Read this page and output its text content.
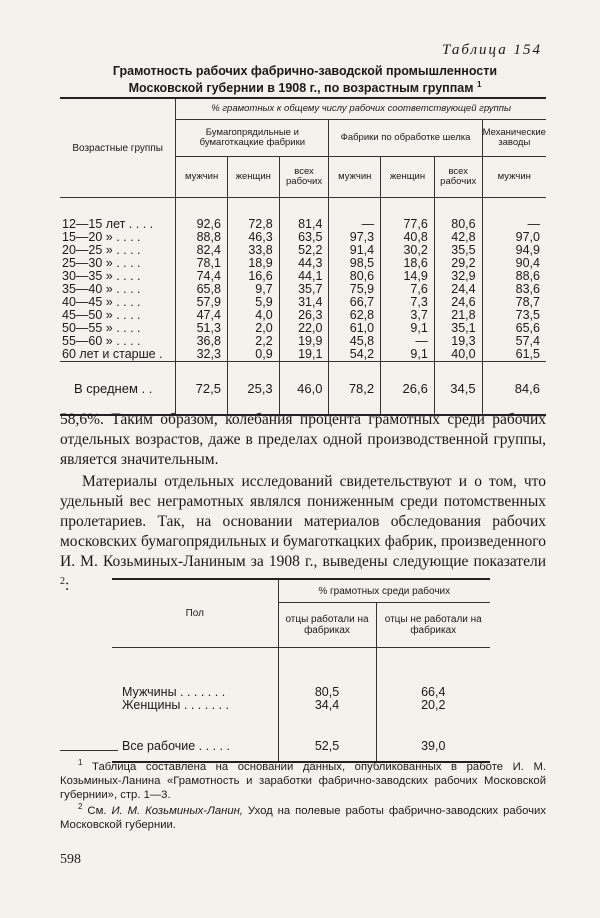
Таблица 154
Грамотность рабочих фабрично-заводской промышленности
Московской губернии в 1908 г., по возрастным группам $^1$
Возрастные группы	% грамотных к общему числу рабочих соответствующей группы						
	Бумагопрядильные и бумаготкацкие фабрики			Фабрики по обработке шелка			Механические заводы
	мужчин	женщин	всех рабочих	мужчин	женщин	всех рабочих	мужчин
12—15 лет . . . .	92,6	72,8	81,4	—	77,6	80,6	—
15—20 » . . . .	88,8	46,3	63,5	97,3	40,8	42,8	97,0
20—25 » . . . .	82,4	33,8	52,2	91,4	30,2	35,5	94,9
25—30 » . . . .	78,1	18,9	44,3	98,5	18,6	29,2	90,4
30—35 » . . . .	74,4	16,6	44,1	80,6	14,9	32,9	88,6
35—40 » . . . .	65,8	9,7	35,7	75,9	7,6	24,4	83,6
40—45 » . . . .	57,9	5,9	31,4	66,7	7,3	24,6	78,7
45—50 » . . . .	47,4	4,0	26,3	62,8	3,7	21,8	73,5
50—55 » . . . .	51,3	2,0	22,0	61,0	9,1	35,1	65,6
55—60 » . . . .	36,8	2,2	19,9	45,8	—	19,3	57,4
60 лет и старше .	32,3	0,9	19,1	54,2	9,1	40,0	61,5
В среднем . .	72,5	25,3	46,0	78,2	26,6	34,5	84,6

58,6%. Таким образом, колебания процента грамотных среди рабочих отдельных возрастов, даже в пределах одной производственной группы, является значительным.

Материалы отдельных исследований свидетельствуют и о том, что удельный вес неграмотных являлся пониженным среди потомственных пролетариев. Так, на основании материалов обследования рабочих московских бумагопрядильных и бумаготкацких фабрик, произведенного И. М. Козьминых-Ланиным за 1908 г., выведены следующие показатели $^2$:

Пол	% грамотных среди рабочих	
	отцы работали на фабриках	отцы не работали на фабриках
Мужчины . . . . . . .	80,5	66,4
Женщины . . . . . . .	34,4	20,2
Все рабочие . . . . .	52,5	39,0

$^1$ Таблица составлена на основании данных, опубликованных в работе И. М. Козьминых-Ланина «Грамотность и заработки фабрично-заводских рабочих Московской губернии», стр. 1—3.

$^2$ См. И. М. Козьминых-Ланин, Уход на полевые работы фабрично-заводских рабочих Московской губернии.

598
